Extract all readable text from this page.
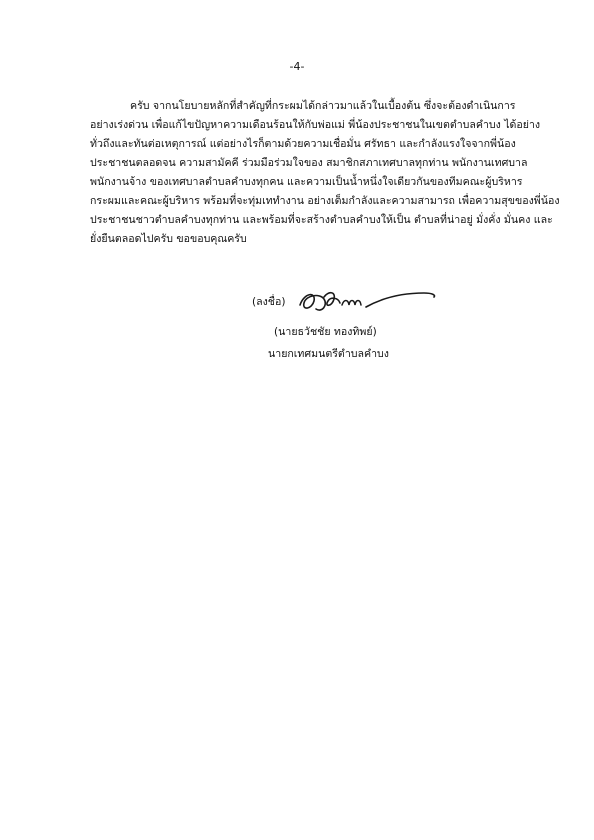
-4-
ครับ จากนโยบายหลักที่สำคัญที่กระผมได้กล่าวมาแล้วในเบื้องต้น ซึ่งจะต้องดำเนินการ
อย่างเร่งด่วน เพื่อแก้ไขปัญหาความเดือนร้อนให้กับพ่อแม่ พี่น้องประชาชนในเขตตำบลคำบง ได้อย่าง
ทั่วถึงและทันต่อเหตุการณ์ แต่อย่างไรก็ตามด้วยความเชื่อมั่น ศรัทธา และกำลังแรงใจจากพี่น้อง
ประชาชนตลอดจน ความสามัคคี ร่วมมือร่วมใจของ สมาชิกสภาเทศบาลทุกท่าน พนักงานเทศบาล
พนักงานจ้าง ของเทศบาลตำบลคำบงทุกคน และความเป็นน้ำหนึ่งใจเดียวกันของทีมคณะผู้บริหาร
กระผมและคณะผู้บริหาร พร้อมที่จะทุ่มเททำงาน อย่างเต็มกำลังและความสามารถ เพื่อความสุขของพี่น้อง
ประชาชนชาวตำบลคำบงทุกท่าน และพร้อมที่จะสร้างตำบลคำบงให้เป็น ตำบลที่น่าอยู่ มั่งคั่ง มั่นคง และ
ยั่งยืนตลอดไปครับ ขอขอบคุณครับ
(ลงชื่อ)
(นายธวัชชัย ทองทิพย์)
นายกเทศมนตรีตำบลคำบง
